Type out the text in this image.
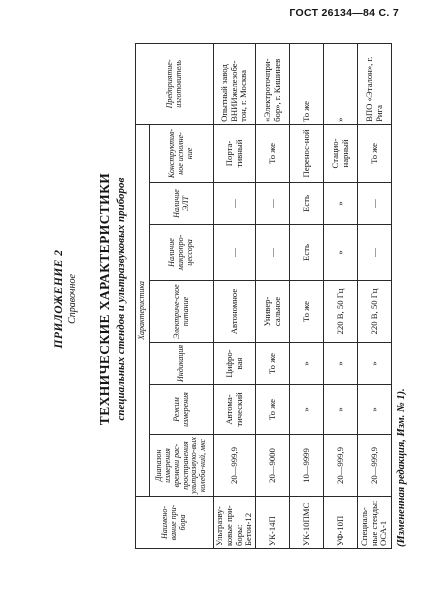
ГОСТ 26134—84 С. 7
ПРИЛОЖЕНИЕ 2 Справочное ТЕХНИЧЕСКИЕ ХАРАКТЕРИСТИКИ специальных стендов и ультразвуковых приборов
Наимено-вание при-бора	Характеристика							Предприятие-изготовитель
	Диапазон измерения времени рас-пространения ультразвуко-вых колеба-ний, мкс	Режим измерения	Индикация	Электриче-ское питание	Наличие микропро-цессора	Наличие ЭЛТ	Конструктив-ное исполне-ние	
Ультразву-ковые при-боры: Бетон-12	20—999,9	Автома-тический	Цифро-вая	Автономное	—	—	Порта-тивный	Опытный завод ВНИИжелезобе-тон, г. Москва
УК-14П	20—9000	То же	То же	Универ-сальное	—	—	То же	«Электроточпри-бор», г. Кишинев
УК-10ПМС	10—9999	»	»	То же	Есть	Есть	Перенос-ной	То же
УФ-10П	20—999,9	»	»	220 В, 50 Гц	»	»	Стацио-нарный	»
Специаль-ные стенды: ОСА-1	20—999,9	»	»	220 В, 50 Гц	—	—	То же	ВПО «Эталон», г. Рига
(Измененная редакция, Изм. № 1).
